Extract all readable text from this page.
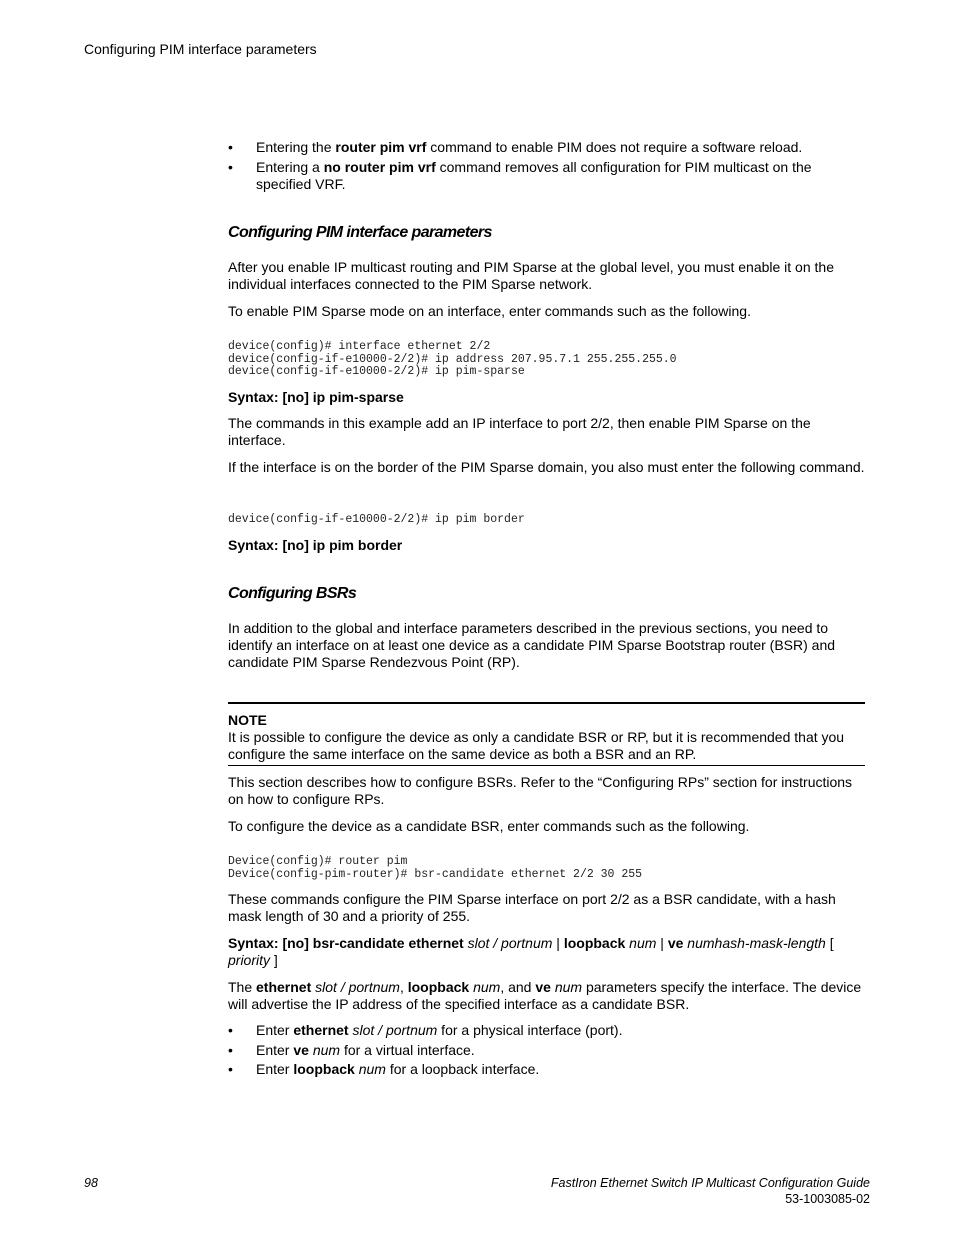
Configuring PIM interface parameters
• Entering the router pim vrf command to enable PIM does not require a software reload.
• Entering a no router pim vrf command removes all configuration for PIM multicast on the specified VRF.
Configuring PIM interface parameters
After you enable IP multicast routing and PIM Sparse at the global level, you must enable it on the individual interfaces connected to the PIM Sparse network.
To enable PIM Sparse mode on an interface, enter commands such as the following.
device(config)# interface ethernet 2/2
device(config-if-e10000-2/2)# ip address 207.95.7.1 255.255.255.0
device(config-if-e10000-2/2)# ip pim-sparse
Syntax: [no] ip pim-sparse
The commands in this example add an IP interface to port 2/2, then enable PIM Sparse on the interface.
If the interface is on the border of the PIM Sparse domain, you also must enter the following command.
device(config-if-e10000-2/2)# ip pim border
Syntax: [no] ip pim border
Configuring BSRs
In addition to the global and interface parameters described in the previous sections, you need to identify an interface on at least one device as a candidate PIM Sparse Bootstrap router (BSR) and candidate PIM Sparse Rendezvous Point (RP).
NOTE
It is possible to configure the device as only a candidate BSR or RP, but it is recommended that you configure the same interface on the same device as both a BSR and an RP.
This section describes how to configure BSRs. Refer to the “Configuring RPs” section for instructions on how to configure RPs.
To configure the device as a candidate BSR, enter commands such as the following.
Device(config)# router pim
Device(config-pim-router)# bsr-candidate ethernet 2/2 30 255
These commands configure the PIM Sparse interface on port 2/2 as a BSR candidate, with a hash mask length of 30 and a priority of 255.
Syntax: [no] bsr-candidate ethernet slot / portnum | loopback num | ve numhash-mask-length [
priority ]
The ethernet slot / portnum, loopback num, and ve num parameters specify the interface. The device will advertise the IP address of the specified interface as a candidate BSR.
• Enter ethernet slot / portnum for a physical interface (port).
• Enter ve num for a virtual interface.
• Enter loopback num for a loopback interface.
98	FastIron Ethernet Switch IP Multicast Configuration Guide
53-1003085-02
